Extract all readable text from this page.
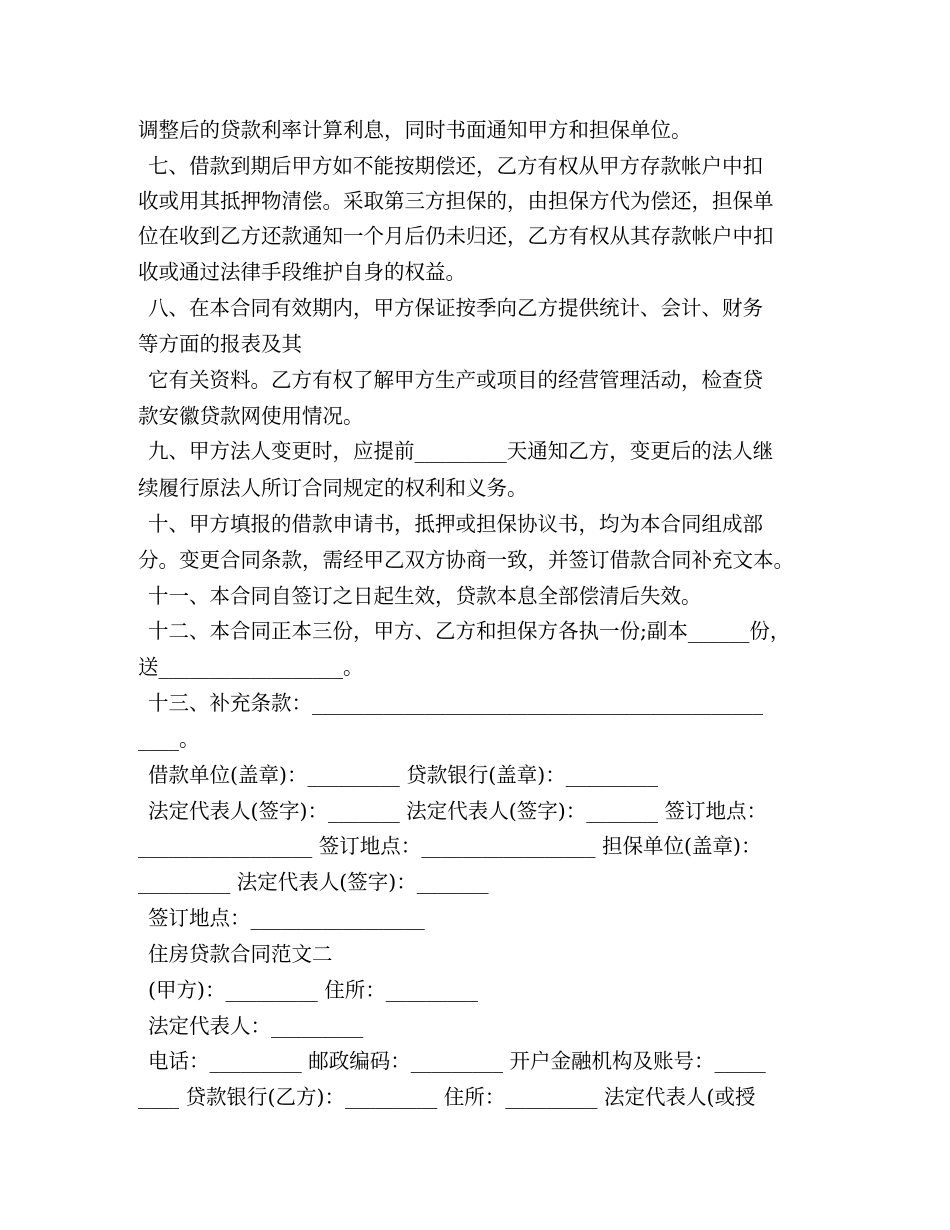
调整后的贷款利率计算利息，同时书面通知甲方和担保单位。
七、借款到期后甲方如不能按期偿还，乙方有权从甲方存款帐户中扣
收或用其抵押物清偿。采取第三方担保的，由担保方代为偿还，担保单
位在收到乙方还款通知一个月后仍未归还，乙方有权从其存款帐户中扣
收或通过法律手段维护自身的权益。
八、在本合同有效期内，甲方保证按季向乙方提供统计、会计、财务
等方面的报表及其
它有关资料。乙方有权了解甲方生产或项目的经营管理活动，检查贷
款安徽贷款网使用情况。
九、甲方法人变更时，应提前_________天通知乙方，变更后的法人继
续履行原法人所订合同规定的权利和义务。
十、甲方填报的借款申请书，抵押或担保协议书，均为本合同组成部
分。变更合同条款，需经甲乙双方协商一致，并签订借款合同补充文本。
十一、本合同自签订之日起生效，贷款本息全部偿清后失效。
十二、本合同正本三份，甲方、乙方和担保方各执一份;副本______份，
送__________________。
十三、补充条款：____________________________________________
____。
借款单位(盖章)：_________ 贷款银行(盖章)：_________
法定代表人(签字)：_______ 法定代表人(签字)：_______ 签订地点：
_________________ 签订地点：_________________ 担保单位(盖章)：
_________ 法定代表人(签字)：_______
签订地点：_________________
住房贷款合同范文二
(甲方)：_________ 住所：_________
法定代表人：_________
电话：_________ 邮政编码：_________ 开户金融机构及账号：_____
____ 贷款银行(乙方)：_________ 住所：_________ 法定代表人(或授
